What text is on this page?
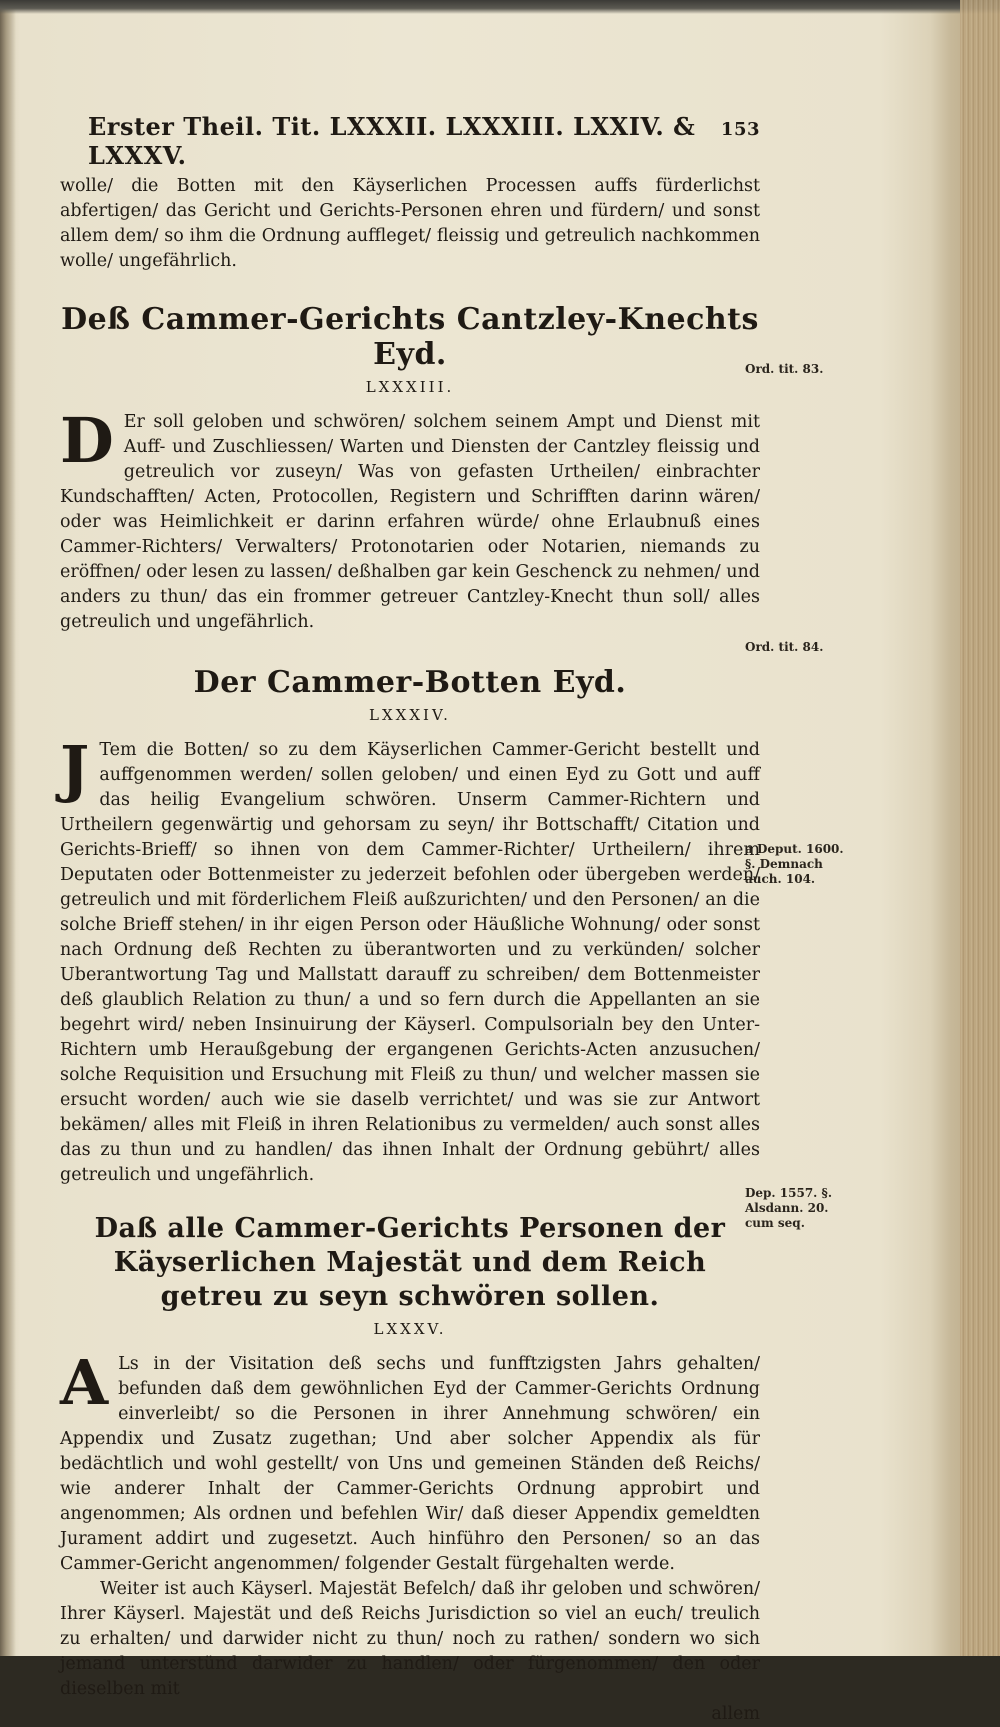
Erster Theil. Tit. LXXXII. LXXXIII. LXXIV. & LXXXV.
153

wolle/ die Botten mit den Käyserlichen Processen auffs fürderlichst abfertigen/ das Gericht und Gerichts-Personen ehren und fürdern/ und sonst allem dem/ so ihm die Ordnung auffleget/ fleissig und getreulich nachkommen wolle/ ungefährlich.

Deß Cammer-Gerichts Cantzley-Knechts Eyd.
LXXXIII.

D Er soll geloben und schwören/ solchem seinem Ampt und Dienst mit Auff- und Zuschliessen/ Warten und Diensten der Cantzley fleissig und getreulich vor zuseyn/ Was von gefasten Urtheilen/ einbrachter Kundschafften/ Acten, Protocollen, Registern und Schrifften darinn wären/ oder was Heimlichkeit er darinn erfahren würde/ ohne Erlaubnuß eines Cammer-Richters/ Verwalters/ Protonotarien oder Notarien, niemands zu eröffnen/ oder lesen zu lassen/ deßhalben gar kein Geschenck zu nehmen/ und anders zu thun/ das ein frommer getreuer Cantzley-Knecht thun soll/ alles getreulich und ungefährlich.

Der Cammer-Botten Eyd.
LXXXIV.

J Tem die Botten/ so zu dem Käyserlichen Cammer-Gericht bestellt und auffgenommen werden/ sollen geloben/ und einen Eyd zu Gott und auff das heilig Evangelium schwören. Unserm Cammer-Richtern und Urtheilern gegenwärtig und gehorsam zu seyn/ ihr Bottschafft/ Citation und Gerichts-Brieff/ so ihnen von dem Cammer-Richter/ Urtheilern/ ihrem Deputaten oder Bottenmeister zu jederzeit befohlen oder übergeben werden/ getreulich und mit förderlichem Fleiß außzurichten/ und den Personen/ an die solche Brieff stehen/ in ihr eigen Person oder Häußliche Wohnung/ oder sonst nach Ordnung deß Rechten zu überantworten und zu verkünden/ solcher Uberantwortung Tag und Mallstatt darauff zu schreiben/ dem Bottenmeister deß glaublich Relation zu thun/ a und so fern durch die Appellanten an sie begehrt wird/ neben Insinuirung der Käyserl. Compulsorialn bey den Unter-Richtern umb Heraußgebung der ergangenen Gerichts-Acten anzusuchen/ solche Requisition und Ersuchung mit Fleiß zu thun/ und welcher massen sie ersucht worden/ auch wie sie daselb verrichtet/ und was sie zur Antwort bekämen/ alles mit Fleiß in ihren Relationibus zu vermelden/ auch sonst alles das zu thun und zu handlen/ das ihnen Inhalt der Ordnung gebührt/ alles getreulich und ungefährlich.

Daß alle Cammer-Gerichts Personen der Käyserlichen Majestät und dem Reich getreu zu seyn schwören sollen.
LXXXV.

A Ls in der Visitation deß sechs und funfftzigsten Jahrs gehalten/ befunden daß dem gewöhnlichen Eyd der Cammer-Gerichts Ordnung einverleibt/ so die Personen in ihrer Annehmung schwören/ ein Appendix und Zusatz zugethan; Und aber solcher Appendix als für bedächtlich und wohl gestellt/ von Uns und gemeinen Ständen deß Reichs/ wie anderer Inhalt der Cammer-Gerichts Ordnung approbirt und angenommen; Als ordnen und befehlen Wir/ daß dieser Appendix gemeldten Jurament addirt und zugesetzt. Auch hinführo den Personen/ so an das Cammer-Gericht angenommen/ folgender Gestalt fürgehalten werde.

Weiter ist auch Käyserl. Majestät Befelch/ daß ihr geloben und schwören/ Ihrer Käyserl. Majestät und deß Reichs Jurisdiction so viel an euch/ treulich zu erhalten/ und darwider nicht zu thun/ noch zu rathen/ sondern wo sich jemand unterstünd darwider zu handlen/ oder fürgenommen/ den oder dieselben mit

allem
Ord. tit. 83.
Ord. tit. 84.
a Deput. 1600. §. Demnach auch. 104.
Dep. 1557. §. Alsdann. 20. cum seq.
